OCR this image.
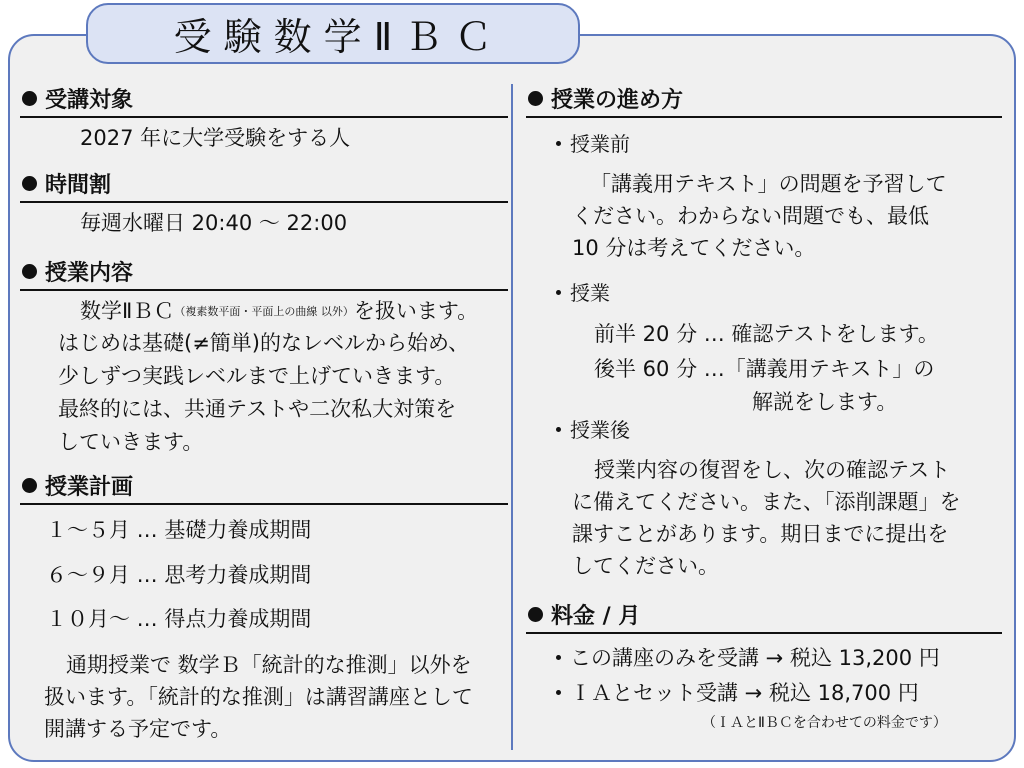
受験数学ⅡＢＣ
受講対象
2027 年に大学受験をする人
時間割
毎週水曜日 20:40 〜 22:00
授業内容
数学ⅡＢＣ（複素数平面・平面上の曲線 以外）を扱います。
はじめは基礎(≠簡単)的なレベルから始め、
少しずつ実践レベルまで上げていきます。
最終的には、共通テストや二次私大対策を
していきます。
授業計画
１〜５月 … 基礎力養成期間
６〜９月 … 思考力養成期間
１０月〜 … 得点力養成期間
通期授業で 数学Ｂ「統計的な推測」以外を
扱います。「統計的な推測」は講習講座として
開講する予定です。
授業の進め方
授業前
「講義用テキスト」の問題を予習して
ください。わからない問題でも、最低
10 分は考えてください。
授業
前半 20 分 … 確認テストをします。
後半 60 分 …「講義用テキスト」の
解説をします。
授業後
授業内容の復習をし、次の確認テスト
に備えてください。また、「添削課題」を
課すことがあります。期日までに提出を
してください。
料金 / 月
この講座のみを受講 → 税込 13,200 円
ＩＡとセット受講 → 税込 18,700 円
（ＩＡとⅡＢＣを合わせての料金です）
